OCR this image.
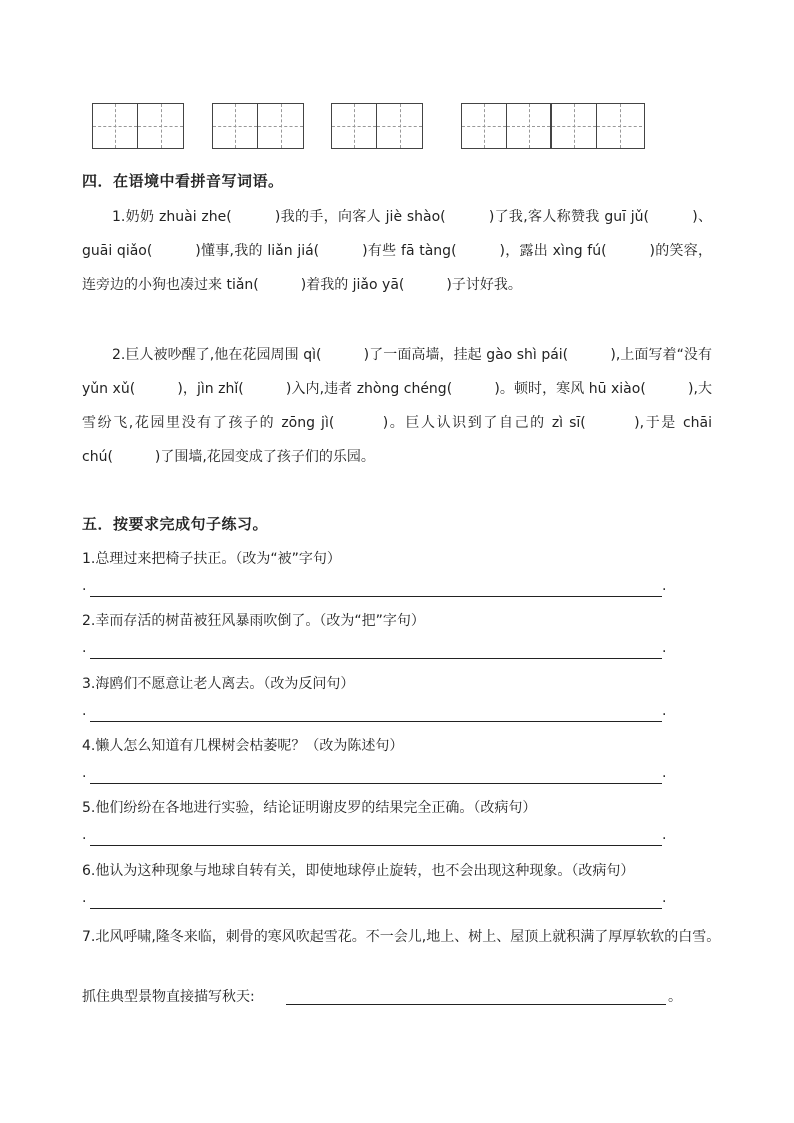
四．在语境中看拼音写词语。
1.奶奶 zhuài zhe(　　　)我的手，向客人 jiè shào(　　　)了我,客人称赞我 guī jǔ(　　　)、guāi qiǎo(　　　)懂事,我的 liǎn jiá(　　　)有些 fā tàng(　　　)，露出 xìng fú(　　　)的笑容，连旁边的小狗也凑过来 tiǎn(　　　)着我的 jiǎo yā(　　　)子讨好我。
2.巨人被吵醒了,他在花园周围 qì(　　　)了一面高墙，挂起 gào shì pái(　　　),上面写着“没有 yǔn xǔ(　　　)，jìn zhǐ(　　　)入内,违者 zhòng chéng(　　　)。顿时，寒风 hū xiào(　　　),大雪纷飞,花园里没有了孩子的 zōng jì(　　　)。巨人认识到了自己的 zì sī(　　　),于是 chāi chú(　　　)了围墙,花园变成了孩子们的乐园。
五．按要求完成句子练习。
1.总理过来把椅子扶正。（改为“被”字句）
.	.
2.幸而存活的树苗被狂风暴雨吹倒了。（改为“把”字句）
.	.
3.海鸥们不愿意让老人离去。（改为反问句）
.	.
4.懒人怎么知道有几棵树会枯萎呢？（改为陈述句）
.	.
5.他们纷纷在各地进行实验，结论证明谢皮罗的结果完全正确。（改病句）
.	.
6.他认为这种现象与地球自转有关，即使地球停止旋转，也不会出现这种现象。（改病句）
.	.
7.北风呼啸,隆冬来临，刺骨的寒风吹起雪花。不一会儿,地上、树上、屋顶上就积满了厚厚软软的白雪。
抓住典型景物直接描写秋天:	。
